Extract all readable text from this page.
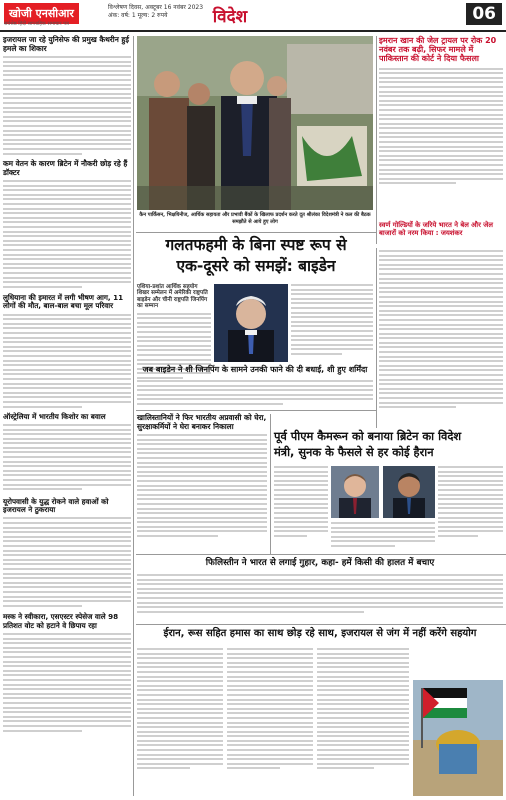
खोजी एनसीआर
सर्वश्रेष्ठ हिंदी साप्ताहिक समाचार पत्र
विश्लेषण दिवस, अक्टूबर 16 नवंबर 2023
अंक: वर्ष: 1 मूल्य: 2 रुपये	विदेश	06
इजरायल जा रहे युनिसेफ की प्रमुख कैथरीन हुई हमले का शिकार
कम वेतन के कारण ब्रिटेन में नौकरी छोड़ रहे हैं डॉक्टर
लुधियाना की इमारत में लगी भीषण आग, 11 लोगों की मौत, बाल-बाल बचा मूल परिवार
ऑस्ट्रेलिया में भारतीय किशोर का बवाल
यूरोपवासी के युद्ध रोकने वाले हवाओं को इजरायल ने ठुकराया
मस्क ने स्वीकारा, एसएस्टर स्पेसेज वाले 98 प्रतिशत वोट को हटाने वे छिपाय रहा
कैन पार्किंसन, भिक्षयिनीज, आर्थिक सहायता और प्रभावी बैंकों के खिलाफ प्रदर्शन करते दूत श्रीलंका विदेशमंत्री ने कल की बैठक समझौते से आये हुए लोग
इमरान खान की जेल ट्रायल पर रोक 20 नवंबर तक बढ़ी, सिफर मामले में पाकिस्तान की कोर्ट ने दिया फैसला
स्वर्ण गोल्डियों के जरिये भारत ने बेल और जेल बाजारों को नरम किया : जयशंकर
गलतफहमी के बिना स्पष्ट रूप से
एक-दूसरे को समझें: बाइडेन
एशिया-प्रशांत आर्थिक सहयोग शिखर सम्मेलन में अमेरिकी राष्ट्रपति बाइडेन और चीनी राष्ट्रपति जिनपिंग का सम्मान
जब बाइडेन ने शी जिनपिंग के सामने उनकी फाने की दी बधाई, शी हुए शर्मिंदा
खालिस्तानियों ने फिर भारतीय अप्रवासी को घेरा, सुरक्षाकर्मियों ने घेरा बनाकर निकाला
पूर्व पीएम कैमरून को बनाया ब्रिटेन का विदेश
मंत्री, सुनक के फैसले से हर कोई हैरान
फिलिस्तीन ने भारत से लगाई गुहार, कहा- हमें किसी की हालत में बचाए
ईरान, रूस सहित हमास का साथ छोड़ रहे साथ, इजरायल से जंग में नहीं करेंगे सहयोग
